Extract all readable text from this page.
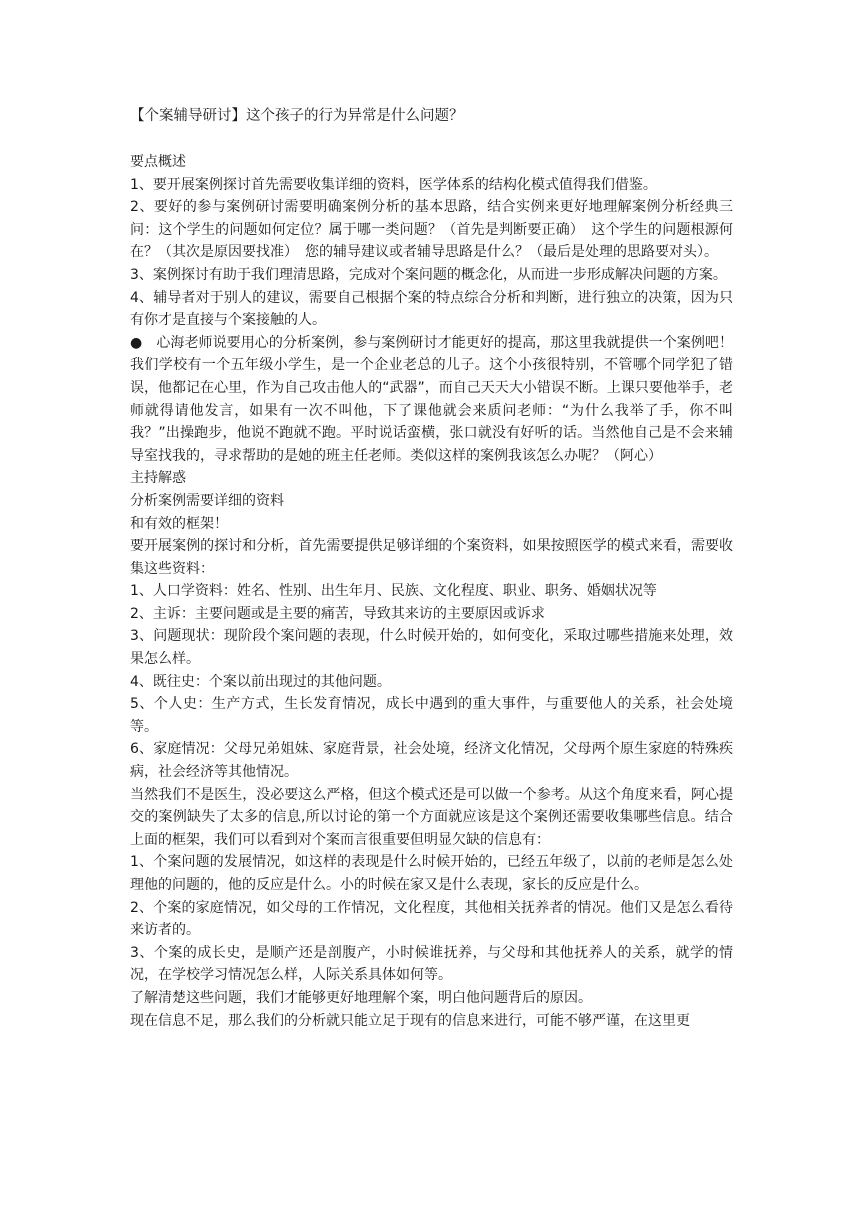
【个案辅导研讨】这个孩子的行为异常是什么问题？

要点概述

1、要开展案例探讨首先需要收集详细的资料，医学体系的结构化模式值得我们借鉴。

2、要好的参与案例研讨需要明确案例分析的基本思路，结合实例来更好地理解案例分析经典三问：这个学生的问题如何定位？属于哪一类问题？（首先是判断要正确）　这个学生的问题根源何在？（其次是原因要找准）　您的辅导建议或者辅导思路是什么？（最后是处理的思路要对头）。

3、案例探讨有助于我们理清思路，完成对个案问题的概念化，从而进一步形成解决问题的方案。

4、辅导者对于别人的建议，需要自己根据个案的特点综合分析和判断，进行独立的决策，因为只有你才是直接与个案接触的人。

●　心海老师说要用心的分析案例，参与案例研讨才能更好的提高，那这里我就提供一个案例吧！我们学校有一个五年级小学生，是一个企业老总的儿子。这个小孩很特别，不管哪个同学犯了错误，他都记在心里，作为自己攻击他人的“武器”，而自己天天大小错误不断。上课只要他举手，老师就得请他发言，如果有一次不叫他，下了课他就会来质问老师：“为什么我举了手，你不叫我？”出操跑步，他说不跑就不跑。平时说话蛮横，张口就没有好听的话。当然他自己是不会来辅导室找我的，寻求帮助的是她的班主任老师。类似这样的案例我该怎么办呢？（阿心）

主持解惑

分析案例需要详细的资料

和有效的框架！

要开展案例的探讨和分析，首先需要提供足够详细的个案资料，如果按照医学的模式来看，需要收集这些资料：

1、人口学资料：姓名、性别、出生年月、民族、文化程度、职业、职务、婚姻状况等

2、主诉：主要问题或是主要的痛苦，导致其来访的主要原因或诉求

3、问题现状：现阶段个案问题的表现，什么时候开始的，如何变化，采取过哪些措施来处理，效果怎么样。

4、既往史：个案以前出现过的其他问题。

5、个人史：生产方式，生长发育情况，成长中遇到的重大事件，与重要他人的关系，社会处境等。

6、家庭情况：父母兄弟姐妹、家庭背景，社会处境，经济文化情况，父母两个原生家庭的特殊疾病，社会经济等其他情况。

当然我们不是医生，没必要这么严格，但这个模式还是可以做一个参考。从这个角度来看，阿心提交的案例缺失了太多的信息,所以讨论的第一个方面就应该是这个案例还需要收集哪些信息。结合上面的框架，我们可以看到对个案而言很重要但明显欠缺的信息有：

1、个案问题的发展情况，如这样的表现是什么时候开始的，已经五年级了，以前的老师是怎么处理他的问题的，他的反应是什么。小的时候在家又是什么表现，家长的反应是什么。

2、个案的家庭情况，如父母的工作情况，文化程度，其他相关抚养者的情况。他们又是怎么看待来访者的。

3、个案的成长史，是顺产还是剖腹产，小时候谁抚养，与父母和其他抚养人的关系，就学的情况，在学校学习情况怎么样，人际关系具体如何等。

了解清楚这些问题，我们才能够更好地理解个案，明白他问题背后的原因。

现在信息不足，那么我们的分析就只能立足于现有的信息来进行，可能不够严谨，在这里更
